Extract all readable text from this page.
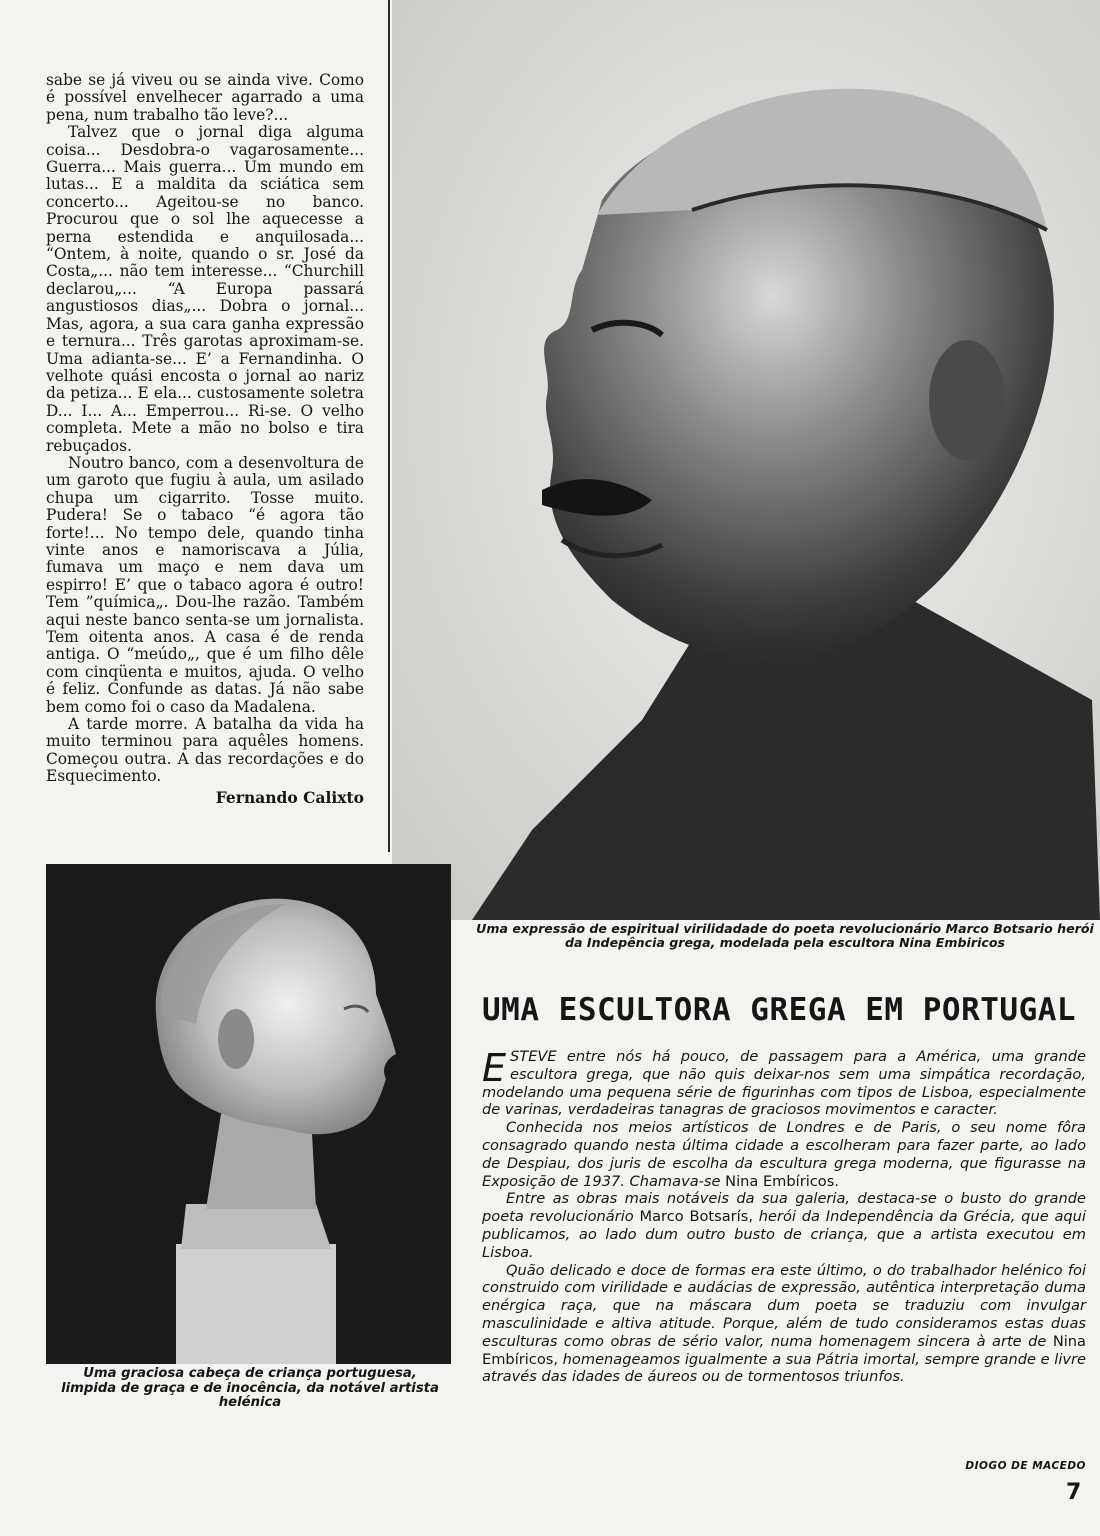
sabe se já viveu ou se ainda vive. Como é possível envelhecer agarrado a uma pena, num trabalho tão leve?...

Talvez que o jornal diga alguma coisa... Desdobra-o vagarosamente... Guerra... Mais guerra... Um mundo em lutas... E a maldita da sciática sem concerto... Ageitou-se no banco. Procurou que o sol lhe aquecesse a perna estendida e anquilosada... “Ontem, à noite, quando o sr. José da Costa„... não tem interesse... “Churchill declarou„... “A Europa passará angustiosos dias„... Dobra o jornal... Mas, agora, a sua cara ganha expressão e ternura... Três garotas aproximam-se. Uma adianta-se... E’ a Fernandinha. O velhote quási encosta o jornal ao nariz da petiza... E ela... custosamente soletra D... I... A... Emperrou... Ri-se. O velho completa. Mete a mão no bolso e tira rebuçados.

Noutro banco, com a desenvoltura de um garoto que fugiu à aula, um asilado chupa um cigarrito. Tosse muito. Pudera! Se o tabaco “é agora tão forte!... No tempo dele, quando tinha vinte anos e namoriscava a Júlia, fumava um maço e nem dava um espirro! E’ que o tabaco agora é outro! Tem ”química„. Dou-lhe razão. Também aqui neste banco senta-se um jornalista. Tem oitenta anos. A casa é de renda antiga. O “meúdo„, que é um filho dêle com cinqüenta e muitos, ajuda. O velho é feliz. Confunde as datas. Já não sabe bem como foi o caso da Madalena.

A tarde morre. A batalha da vida ha muito terminou para aquêles homens. Começou outra. A das recordações e do Esquecimento.

Fernando Calixto
Uma expressão de espiritual virilidadade do poeta revolucionário Marco Botsario herói da Indepência grega, modelada pela escultora Nina Embiricos
Uma graciosa cabeça de criança portuguesa, limpida de graça e de inocência, da notável artista helénica
UMA ESCULTORA GREGA EM PORTUGAL

ESTEVE entre nós há pouco, de passagem para a América, uma grande escultora grega, que não quis deixar-nos sem uma simpática recordação, modelando uma pequena série de figurinhas com tipos de Lisboa, especialmente de varinas, verdadeiras tanagras de graciosos movimentos e caracter.

Conhecida nos meios artísticos de Londres e de Paris, o seu nome fôra consagrado quando nesta última cidade a escolheram para fazer parte, ao lado de Despiau, dos juris de escolha da escultura grega moderna, que figurasse na Exposição de 1937. Chamava-se Nina Embíricos.

Entre as obras mais notáveis da sua galeria, destaca-se o busto do grande poeta revolucionário Marco Botsarís, herói da Independência da Grécia, que aqui publicamos, ao lado dum outro busto de criança, que a artista executou em Lisboa.

Quão delicado e doce de formas era este último, o do trabalhador helénico foi construido com virilidade e audácias de expressão, autêntica interpretação duma enérgica raça, que na máscara dum poeta se traduziu com invulgar masculinidade e altiva atitude. Porque, além de tudo consideramos estas duas esculturas como obras de sério valor, numa homenagem sincera à arte de Nina Embíricos, homenageamos igualmente a sua Pátria imortal, sempre grande e livre através das idades de áureos ou de tormentosos triunfos.

DIOGO DE MACEDO
7
